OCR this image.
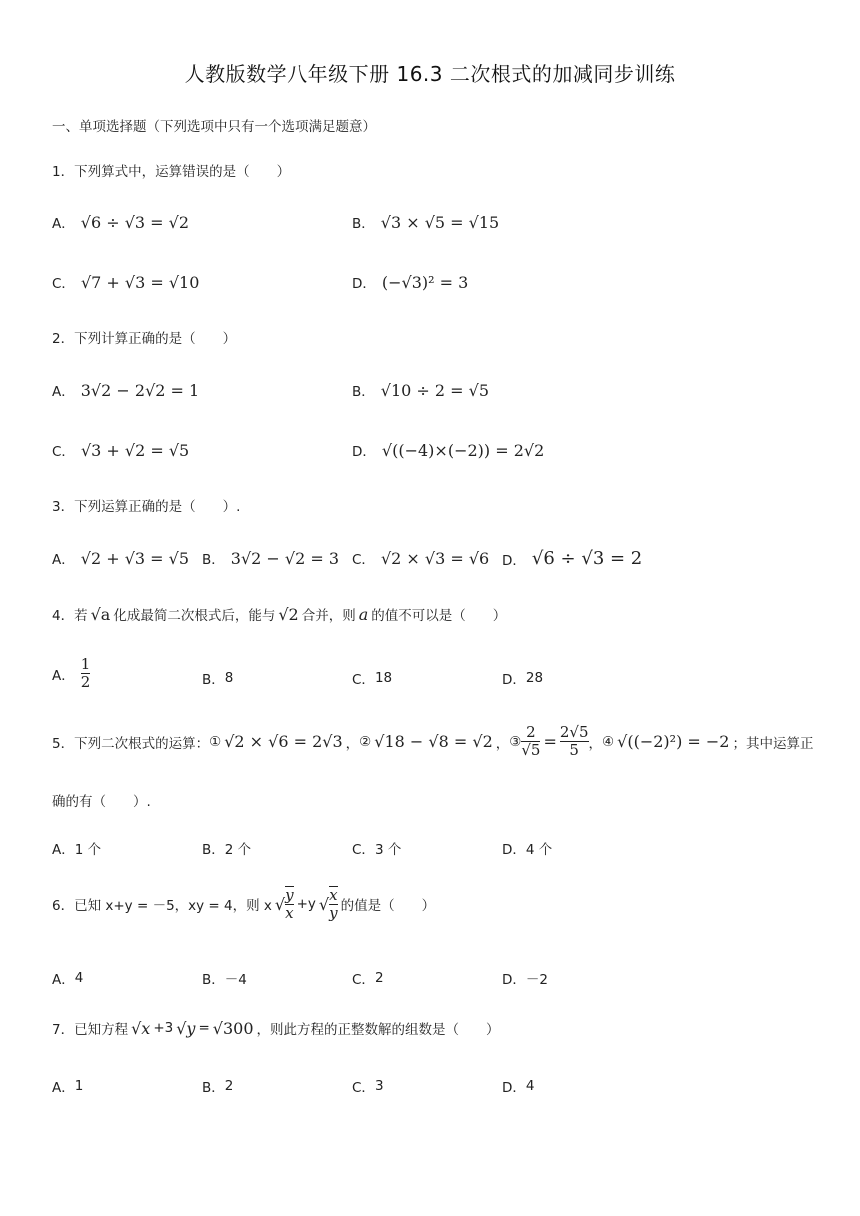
人教版数学八年级下册 16.3 二次根式的加减同步训练
一、单项选择题（下列选项中只有一个选项满足题意）
1．下列算式中，运算错误的是（　　）
A． √6 ÷ √3 = √2	B． √3 × √5 = √15
C． √7 + √3 = √10	D． (−√3)² = 3
2．下列计算正确的是（　　）
A． 3√2 − 2√2 = 1	B． √10 ÷ 2 = √5
C． √3 + √2 = √5	D． √((−4)×(−2)) = 2√2
3．下列运算正确的是（　　）.
A． √2 + √3 = √5 B． 3√2 − √2 = 3 C． √2 × √3 = √6 D． √6 ÷ √3 = 2
4．若 √a 化成最简二次根式后，能与 √2 合并，则 a 的值不可以是（　　）
A． $\frac{1}{2}$	B． 8	C． 18	D． 28
5．下列二次根式的运算： ① √2 × √6 = 2√3 ， ② √18 − √8 = √2 ， ③ $\frac{2}{√5} = \frac{2√5}{5}$ ， ④ √((−2)²) = −2 ；其中运算正
确的有（　　）.
A． 1 个	B． 2 个	C． 3 个	D． 4 个
6．已知 x+y = －5，xy = 4，则 x √ $\frac{y}{x} +y$ √ $\frac{x}{y}$ 的值是（　　）
A． 4	B． －4	C． 2	D． －2
7．已知方程 √x +3 √y = √300 ，则此方程的正整数解的组数是（　　）
A． 1	B． 2	C． 3	D． 4
